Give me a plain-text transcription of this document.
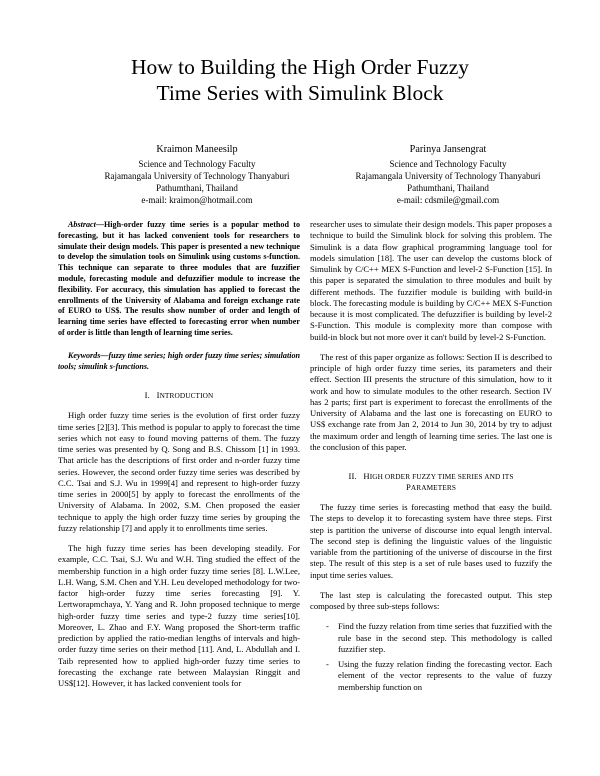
How to Building the High Order Fuzzy
Time Series with Simulink Block
Kraimon Maneesilp
Science and Technology Faculty
Rajamangala University of Technology Thanyaburi
Pathumthani, Thailand
e-mail: kraimon@hotmail.com
Parinya Jansengrat
Science and Technology Faculty
Rajamangala University of Technology Thanyaburi
Pathumthani, Thailand
e-mail: cdsmile@gmail.com

Abstract—High-order fuzzy time series is a popular method to forecasting, but it has lacked convenient tools for researchers to simulate their design models. This paper is presented a new technique to develop the simulation tools on Simulink using customs s-function. This technique can separate to three modules that are fuzzifier module, forecasting module and defuzzifier module to increase the flexibility. For accuracy, this simulation has applied to forecast the enrollments of the University of Alabama and foreign exchange rate of EURO to US$. The results show number of order and length of learning time series have effected to forecasting error when number of order is little than length of learning time series.

Keywords—fuzzy time series; high order fuzzy time series; simulation tools; simulink s-functions.

I. INTRODUCTION

High order fuzzy time series is the evolution of first order fuzzy time series [2][3]. This method is popular to apply to forecast the time series which not easy to found moving patterns of them. The fuzzy time series was presented by Q. Song and B.S. Chissom [1] in 1993. That article has the descriptions of first order and n-order fuzzy time series. However, the second order fuzzy time series was described by C.C. Tsai and S.J. Wu in 1999[4] and represent to high-order fuzzy time series in 2000[5] by apply to forecast the enrollments of the University of Alabama. In 2002, S.M. Chen proposed the easier technique to apply the high order fuzzy time series by grouping the fuzzy relationship [7] and apply it to enrollments time series.

The high fuzzy time series has been developing steadily. For example, C.C. Tsai, S.J. Wu and W.H. Ting studied the effect of the membership function in a high order fuzzy time series [8]. L.W.Lee, L.H. Wang, S.M. Chen and Y.H. Leu developed methodology for two-factor high-order fuzzy time series forecasting [9]. Y. Lertworapmchaya, Y. Yang and R. John proposed technique to merge high-order fuzzy time series and type-2 fuzzy time series[10]. Moreover, L. Zhao and F.Y. Wang proposed the Short-term traffic prediction by applied the ratio-median lengths of intervals and high-order fuzzy time series on their method [11]. And, L. Abdullah and I. Taib represented how to applied high-order fuzzy time series to forecasting the exchange rate between Malaysian Ringgit and US$[12]. However, it has lacked convenient tools for

researcher uses to simulate their design models. This paper proposes a technique to build the Simulink block for solving this problem. The Simulink is a data flow graphical programming language tool for models simulation [18]. The user can develop the customs block of Simulink by C/C++ MEX S-Function and level-2 S-Function [15]. In this paper is separated the simulation to three modules and built by different methods. The fuzzifier module is building with build-in block. The forecasting module is building by C/C++ MEX S-Function because it is most complicated. The defuzzifier is building by level-2 S-Function. This module is complexity more than compose with build-in block but not more over it can't build by level-2 S-Function.

The rest of this paper organize as follows: Section II is described to principle of high order fuzzy time series, its parameters and their effect. Section III presents the structure of this simulation, how to it work and how to simulate modules to the other research. Section IV has 2 parts; first part is experiment to forecast the enrollments of the University of Alabama and the last one is forecasting on EURO to US$ exchange rate from Jan 2, 2014 to Jun 30, 2014 by try to adjust the maximum order and length of learning time series. The last one is the conclusion of this paper.

II. HIGH ORDER FUZZY TIME SERIES AND ITS
PARAMETERS

The fuzzy time series is forecasting method that easy the build. The steps to develop it to forecasting system have three steps. First step is partition the universe of discourse into equal length interval. The second step is defining the linguistic values of the linguistic variable from the partitioning of the universe of discourse in the first step. The result of this step is a set of rule bases used to fuzzify the input time series values.

The last step is calculating the forecasted output. This step composed by three sub-steps follows:

- Find the fuzzy relation from time series that fuzzified with the rule base in the second step. This methodology is called fuzzifier step.
- Using the fuzzy relation finding the forecasting vector. Each element of the vector represents to the value of fuzzy membership function on
